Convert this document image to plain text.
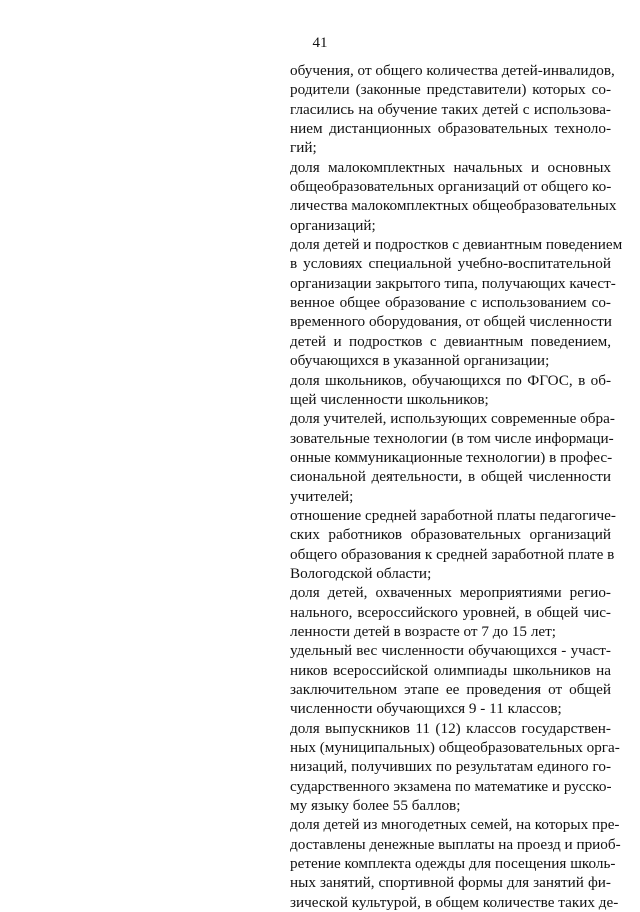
41
обучения, от общего количества детей-инвалидов,
родители (законные представители) которых со-
гласились на обучение таких детей с использова-
нием дистанционных образовательных техноло-
гий;
доля малокомплектных начальных и основных
общеобразовательных организаций от общего ко-
личества малокомплектных общеобразовательных
организаций;
доля детей и подростков с девиантным поведением
в условиях специальной учебно-воспитательной
организации закрытого типа, получающих качест-
венное общее образование с использованием со-
временного оборудования, от общей численности
детей и подростков с девиантным поведением,
обучающихся в указанной организации;
доля школьников, обучающихся по ФГОС, в об-
щей численности школьников;
доля учителей, использующих современные обра-
зовательные технологии (в том числе информаци-
онные коммуникационные технологии) в профес-
сиональной деятельности, в общей численности
учителей;
отношение средней заработной платы педагогиче-
ских работников образовательных организаций
общего образования к средней заработной плате в
Вологодской области;
доля детей, охваченных мероприятиями регио-
нального, всероссийского уровней, в общей чис-
ленности детей в возрасте от 7 до 15 лет;
удельный вес численности обучающихся - участ-
ников всероссийской олимпиады школьников на
заключительном этапе ее проведения от общей
численности обучающихся 9 - 11 классов;
доля выпускников 11 (12) классов государствен-
ных (муниципальных) общеобразовательных орга-
низаций, получивших по результатам единого го-
сударственного экзамена по математике и русско-
му языку более 55 баллов;
доля детей из многодетных семей, на которых пре-
доставлены денежные выплаты на проезд и приоб-
ретение комплекта одежды для посещения школь-
ных занятий, спортивной формы для занятий фи-
зической культурой, в общем количестве таких де-
